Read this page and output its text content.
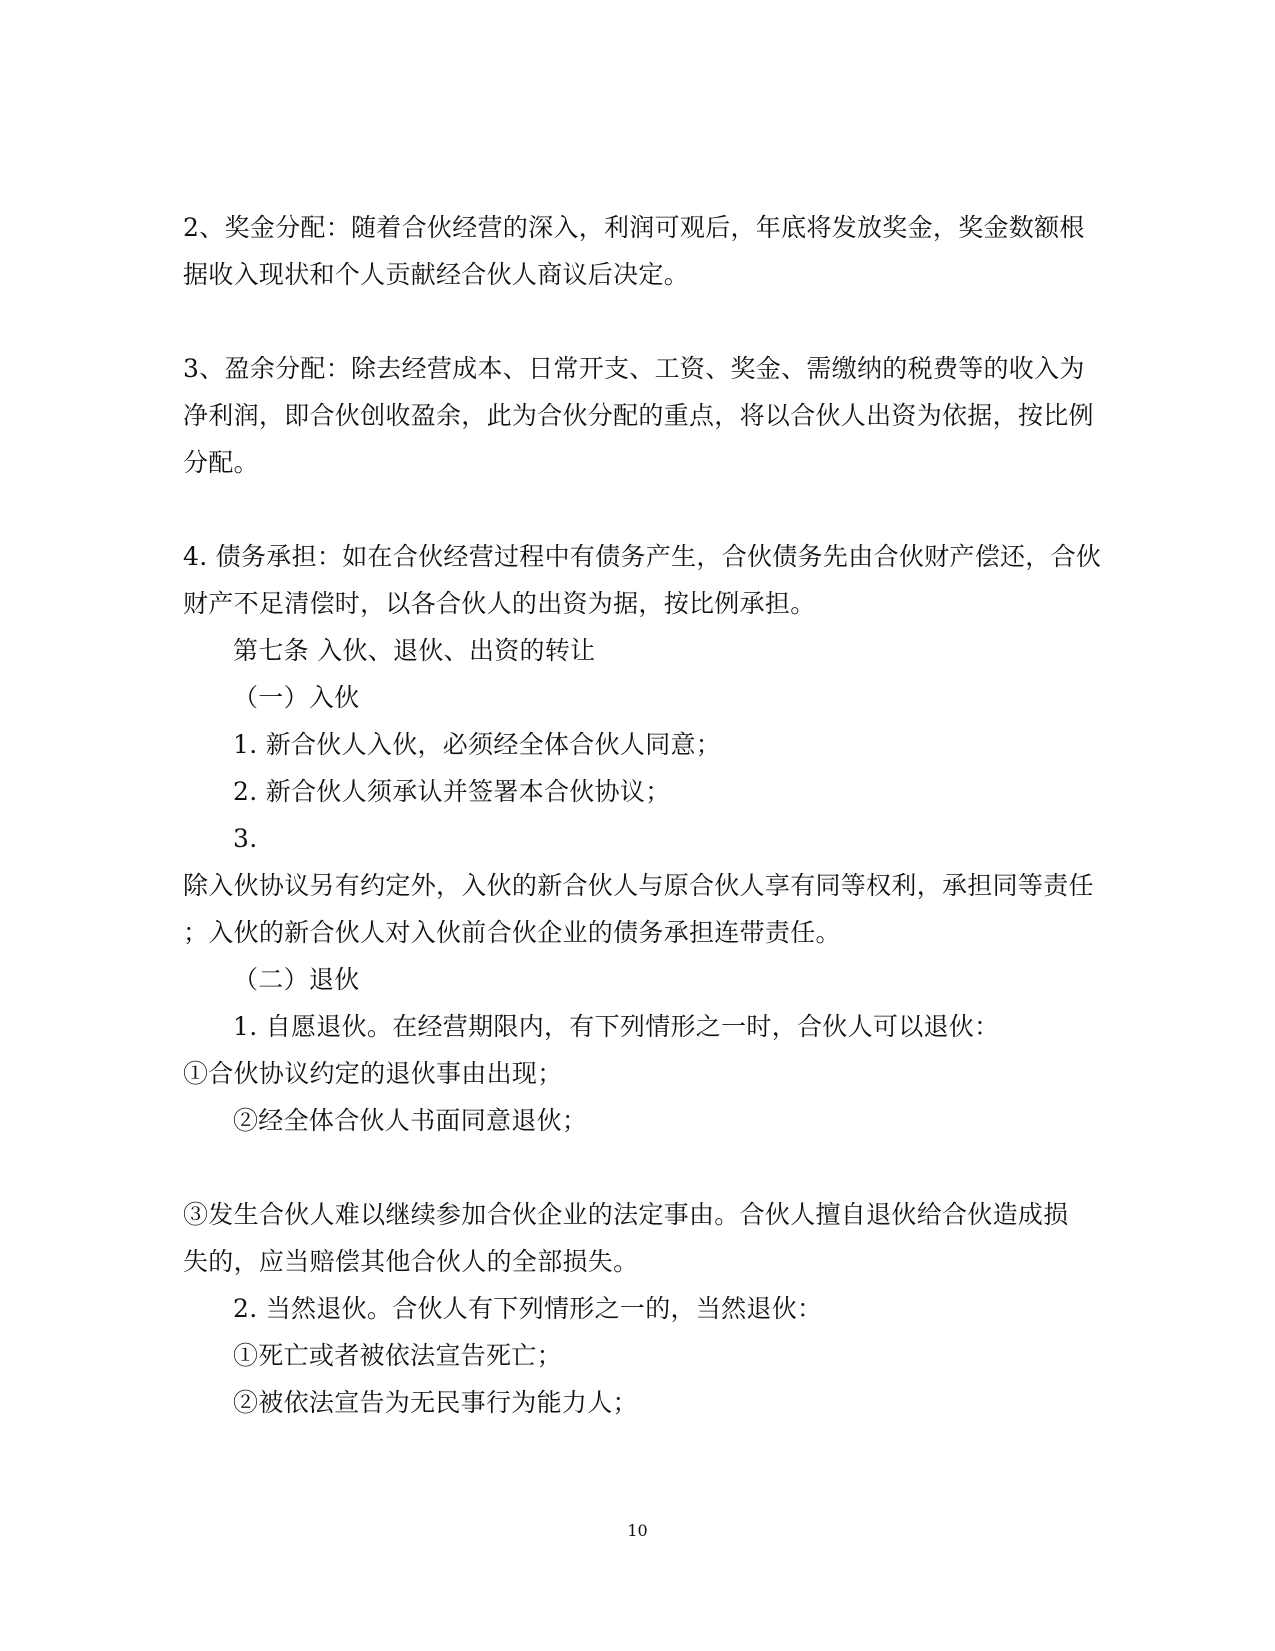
2、奖金分配：随着合伙经营的深入，利润可观后，年底将发放奖金，奖金数额根
据收入现状和个人贡献经合伙人商议后决定。
3、盈余分配：除去经营成本、日常开支、工资、奖金、需缴纳的税费等的收入为
净利润，即合伙创收盈余，此为合伙分配的重点，将以合伙人出资为依据，按比例
分配。
4. 债务承担：如在合伙经营过程中有债务产生，合伙债务先由合伙财产偿还，合伙
财产不足清偿时，以各合伙人的出资为据，按比例承担。
第七条 入伙、退伙、出资的转让
（一）入伙
1. 新合伙人入伙，必须经全体合伙人同意；
2. 新合伙人须承认并签署本合伙协议；
3.
除入伙协议另有约定外，入伙的新合伙人与原合伙人享有同等权利，承担同等责任
；入伙的新合伙人对入伙前合伙企业的债务承担连带责任。
（二）退伙
1. 自愿退伙。在经营期限内，有下列情形之一时，合伙人可以退伙：
①合伙协议约定的退伙事由出现；
②经全体合伙人书面同意退伙；
③发生合伙人难以继续参加合伙企业的法定事由。合伙人擅自退伙给合伙造成损
失的，应当赔偿其他合伙人的全部损失。
2. 当然退伙。合伙人有下列情形之一的，当然退伙：
①死亡或者被依法宣告死亡；
②被依法宣告为无民事行为能力人；
10
